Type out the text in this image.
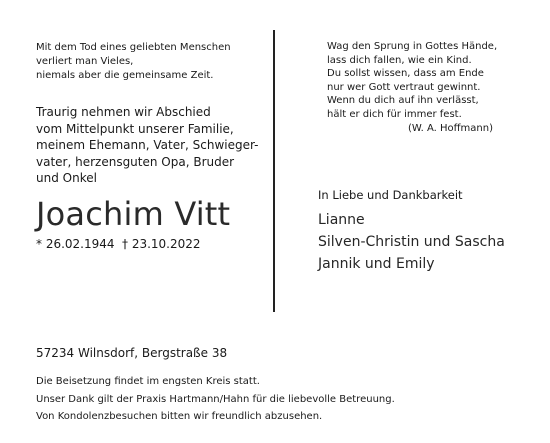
Mit dem Tod eines geliebten Menschen
verliert man Vieles,
niemals aber die gemeinsame Zeit.
Traurig nehmen wir Abschied
vom Mittelpunkt unserer Familie,
meinem Ehemann, Vater, Schwieger-
vater, herzensguten Opa, Bruder
und Onkel
Joachim Vitt
* 26.02.1944 † 23.10.2022
Wag den Sprung in Gottes Hände,
lass dich fallen, wie ein Kind.
Du sollst wissen, dass am Ende
nur wer Gott vertraut gewinnt.
Wenn du dich auf ihn verlässt,
hält er dich für immer fest.
(W. A. Hoffmann)
In Liebe und Dankbarkeit
Lianne
Silven-Christin und Sascha
Jannik und Emily
57234 Wilnsdorf, Bergstraße 38
Die Beisetzung findet im engsten Kreis statt.
Unser Dank gilt der Praxis Hartmann/Hahn für die liebevolle Betreuung.
Von Kondolenzbesuchen bitten wir freundlich abzusehen.
